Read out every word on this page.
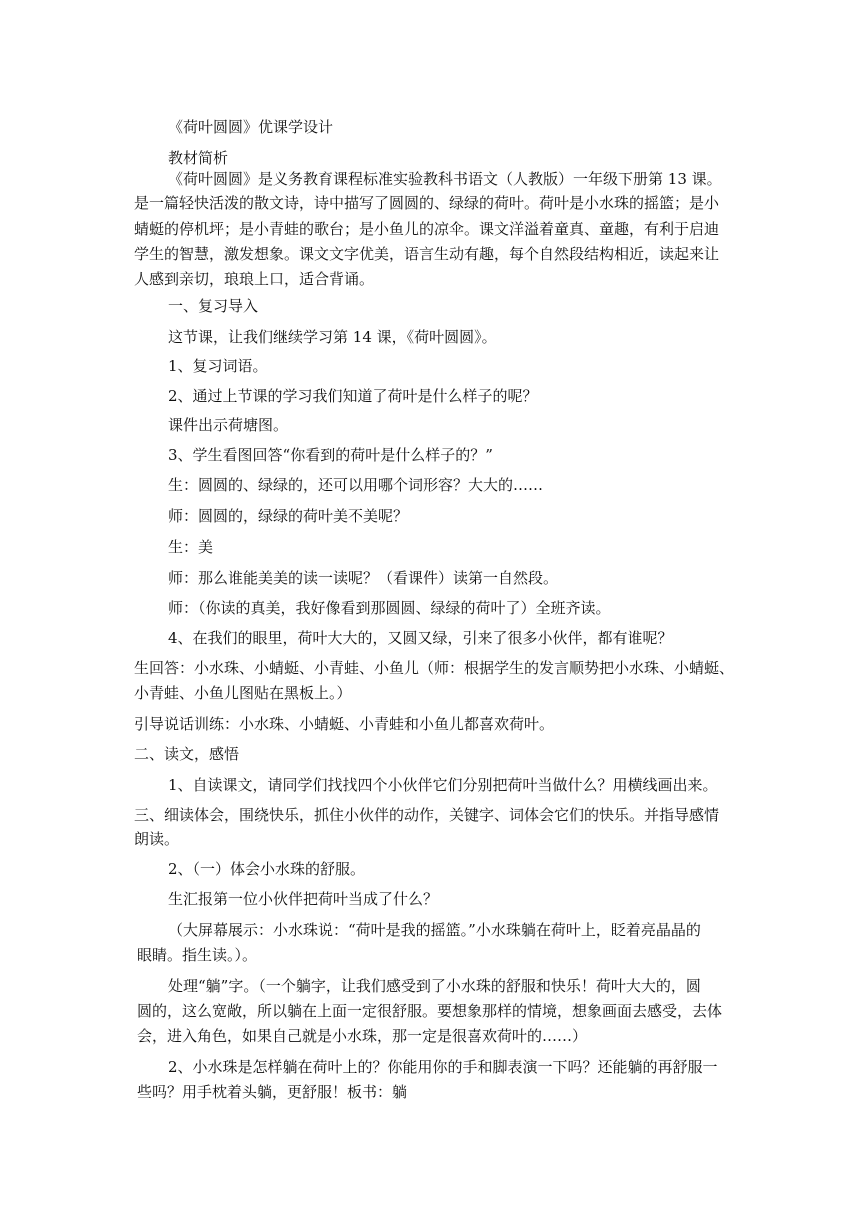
《荷叶圆圆》优课学设计
教材简析
《荷叶圆圆》是义务教育课程标准实验教科书语文（人教版）一年级下册第 13 课。
是一篇轻快活泼的散文诗，诗中描写了圆圆的、绿绿的荷叶。荷叶是小水珠的摇篮；是小
蜻蜓的停机坪；是小青蛙的歌台；是小鱼儿的凉伞。课文洋溢着童真、童趣，有利于启迪
学生的智慧，激发想象。课文文字优美，语言生动有趣，每个自然段结构相近，读起来让
人感到亲切，琅琅上口，适合背诵。
一、复习导入
这节课，让我们继续学习第 14 课，《荷叶圆圆》。
1、复习词语。
2、通过上节课的学习我们知道了荷叶是什么样子的呢？
课件出示荷塘图。
3、学生看图回答“你看到的荷叶是什么样子的？”
生：圆圆的、绿绿的，还可以用哪个词形容？大大的……
师：圆圆的，绿绿的荷叶美不美呢？
生：美
师：那么谁能美美的读一读呢？（看课件）读第一自然段。
师：（你读的真美，我好像看到那圆圆、绿绿的荷叶了）全班齐读。
4、在我们的眼里，荷叶大大的，又圆又绿，引来了很多小伙伴，都有谁呢？
生回答：小水珠、小蜻蜓、小青蛙、小鱼儿（师：根据学生的发言顺势把小水珠、小蜻蜓、
小青蛙、小鱼儿图贴在黑板上。）
引导说话训练：小水珠、小蜻蜓、小青蛙和小鱼儿都喜欢荷叶。
二、读文，感悟
1、自读课文，请同学们找找四个小伙伴它们分别把荷叶当做什么？用横线画出来。
三、细读体会，围绕快乐，抓住小伙伴的动作，关键字、词体会它们的快乐。并指导感情
朗读。
2、（一）体会小水珠的舒服。
生汇报第一位小伙伴把荷叶当成了什么？
（大屏幕展示：小水珠说：“荷叶是我的摇篮。”小水珠躺在荷叶上，眨着亮晶晶的
眼睛。指生读。）。
处理“躺”字。（一个躺字，让我们感受到了小水珠的舒服和快乐！荷叶大大的，圆
圆的，这么宽敞，所以躺在上面一定很舒服。要想象那样的情境，想象画面去感受，去体
会，进入角色，如果自己就是小水珠，那一定是很喜欢荷叶的……）
2、小水珠是怎样躺在荷叶上的？你能用你的手和脚表演一下吗？还能躺的再舒服一
些吗？用手枕着头躺，更舒服！板书：躺
